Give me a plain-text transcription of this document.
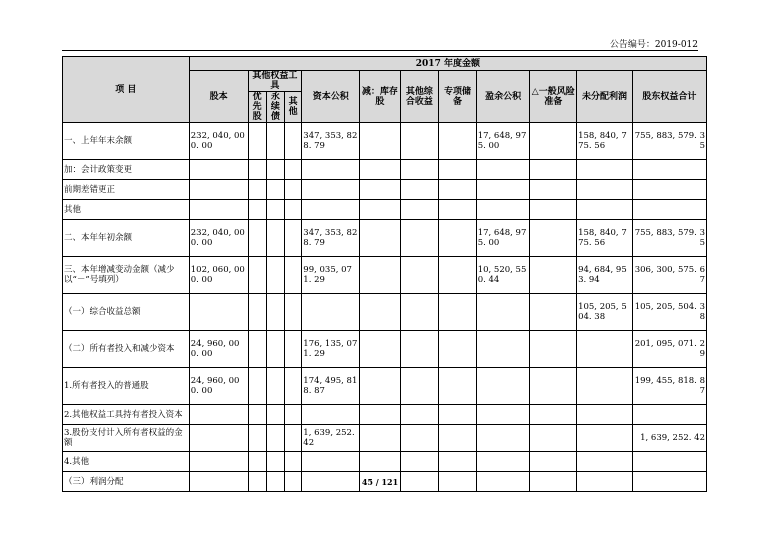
公告编号：2019-012
项 目	2017 年度金额											
	股本	其他权益工具			资本公积	减：库存股	其他综合收益	专项储备	盈余公积	△一般风险准备	未分配利润	股东权益合计
		优先股	永续债	其他								
一、上年年末余额	232, 040, 000. 00				347, 353, 828. 79				17, 648, 975. 00		158, 840, 775. 56	755, 883, 579. 35
加：会计政策变更												
前期差错更正												
其他												
二、本年年初余额	232, 040, 000. 00				347, 353, 828. 79				17, 648, 975. 00		158, 840, 775. 56	755, 883, 579. 35
三、本年增减变动金额（减少以“－”号填列）	102, 060, 000. 00				99, 035, 071. 29				10, 520, 550. 44		94, 684, 953. 94	306, 300, 575. 67
（一）综合收益总额											105, 205, 504. 38	105, 205, 504. 38
（二）所有者投入和减少资本	24, 960, 000. 00				176, 135, 071. 29							201, 095, 071. 29
1.所有者投入的普通股	24, 960, 000. 00				174, 495, 818. 87							199, 455, 818. 87
2.其他权益工具持有者投入资本												
3.股份支付计入所有者权益的金额					1, 639, 252. 42							1, 639, 252. 42
4.其他												
（三）利润分配													45 / 121
